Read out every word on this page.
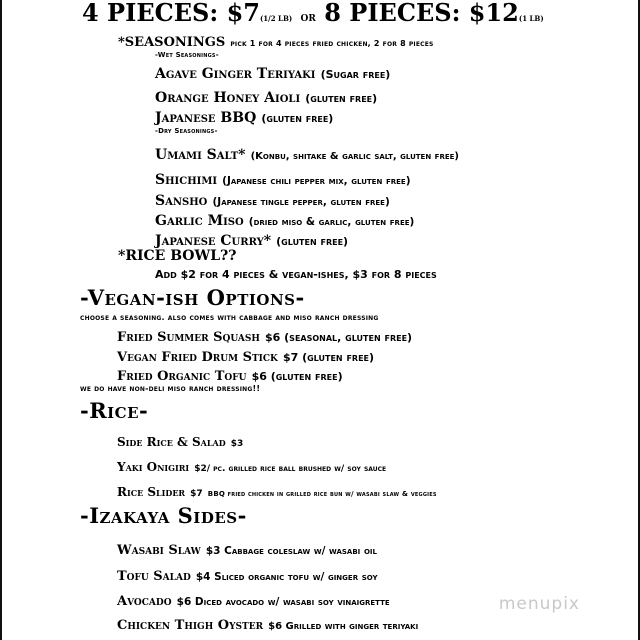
4 PIECES: $7(1/2 LB) OR 8 PIECES: $12(1 LB)
*SEASONINGS pick 1 for 4 pieces fried chicken, 2 for 8 pieces
-Wet Seasonings-
Agave Ginger Teriyaki (Sugar free)
Orange Honey Aioli (gluten free)
Japanese BBQ (gluten free)
-Dry Seasonings-
Umami Salt* (Konbu, shitake & garlic salt, gluten free)
Shichimi (Japanese chili pepper mix, gluten free)
Sansho (Japanese tingle pepper, gluten free)
Garlic Miso (dried miso & garlic, gluten free)
Japanese Curry* (gluten free)
*RICE BOWL??
Add $2 for 4 pieces & vegan-ishes, $3 for 8 pieces
-Vegan-ish Options-
choose a seasoning. also comes with cabbage and miso ranch dressing
Fried Summer Squash $6 (seasonal, gluten free)
Vegan Fried Drum Stick $7 (gluten free)
Fried Organic Tofu $6 (gluten free)
we do have non-deli miso ranch dressing!!
-Rice-
Side Rice & Salad $3
Yaki Onigiri $2/ pc. grilled rice ball brushed w/ soy sauce
Rice Slider $7 BBQ fried chicken in grilled rice bun w/ wasabi slaw & veggies
-Izakaya Sides-
Wasabi Slaw $3 Cabbage coleslaw w/ wasabi oil
Tofu Salad $4 Sliced organic tofu w/ ginger soy
Avocado $6 Diced avocado w/ wasabi soy vinaigrette
Chicken Thigh Oyster $6 Grilled with ginger teriyaki
menupix
